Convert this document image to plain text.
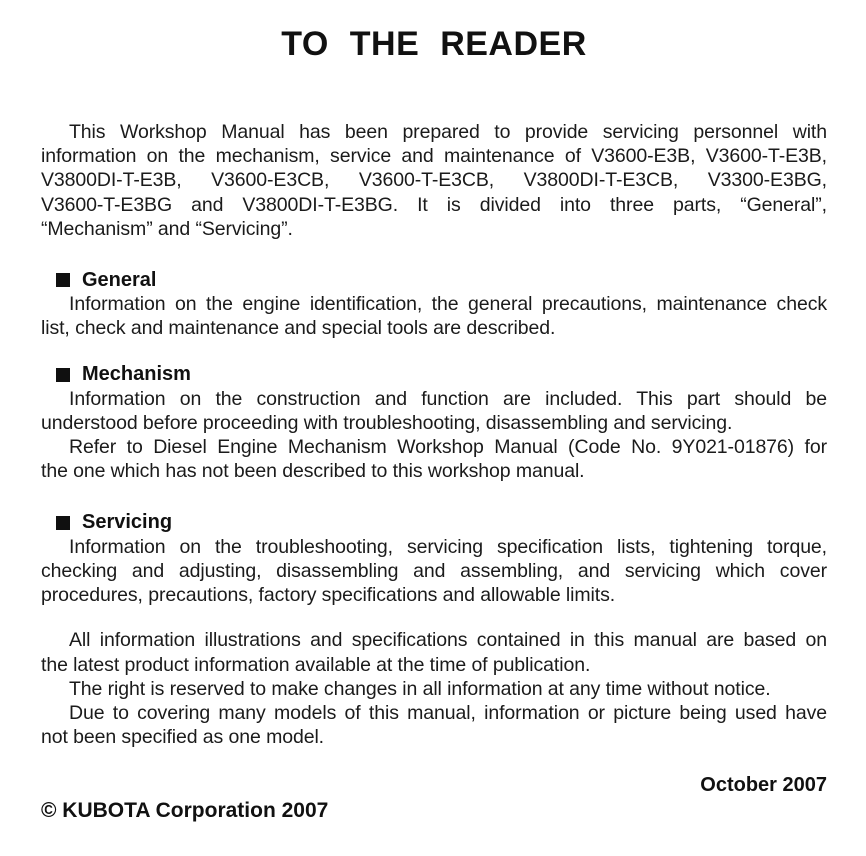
TO THE READER
This Workshop Manual has been prepared to provide servicing personnel with
information on the mechanism, service and maintenance of V3600-E3B, V3600-T-E3B,
V3800DI-T-E3B, V3600-E3CB, V3600-T-E3CB, V3800DI-T-E3CB, V3300-E3BG,
V3600-T-E3BG and V3800DI-T-E3BG. It is divided into three parts, “General”,
“Mechanism” and “Servicing”.
General
Information on the engine identification, the general precautions, maintenance check
list, check and maintenance and special tools are described.
Mechanism
Information on the construction and function are included. This part should be
understood before proceeding with troubleshooting, disassembling and servicing.
Refer to Diesel Engine Mechanism Workshop Manual (Code No. 9Y021-01876) for
the one which has not been described to this workshop manual.
Servicing
Information on the troubleshooting, servicing specification lists, tightening torque,
checking and adjusting, disassembling and assembling, and servicing which cover
procedures, precautions, factory specifications and allowable limits.
All information illustrations and specifications contained in this manual are based on
the latest product information available at the time of publication.
The right is reserved to make changes in all information at any time without notice.
Due to covering many models of this manual, information or picture being used have
not been specified as one model.
October 2007
© KUBOTA Corporation 2007
